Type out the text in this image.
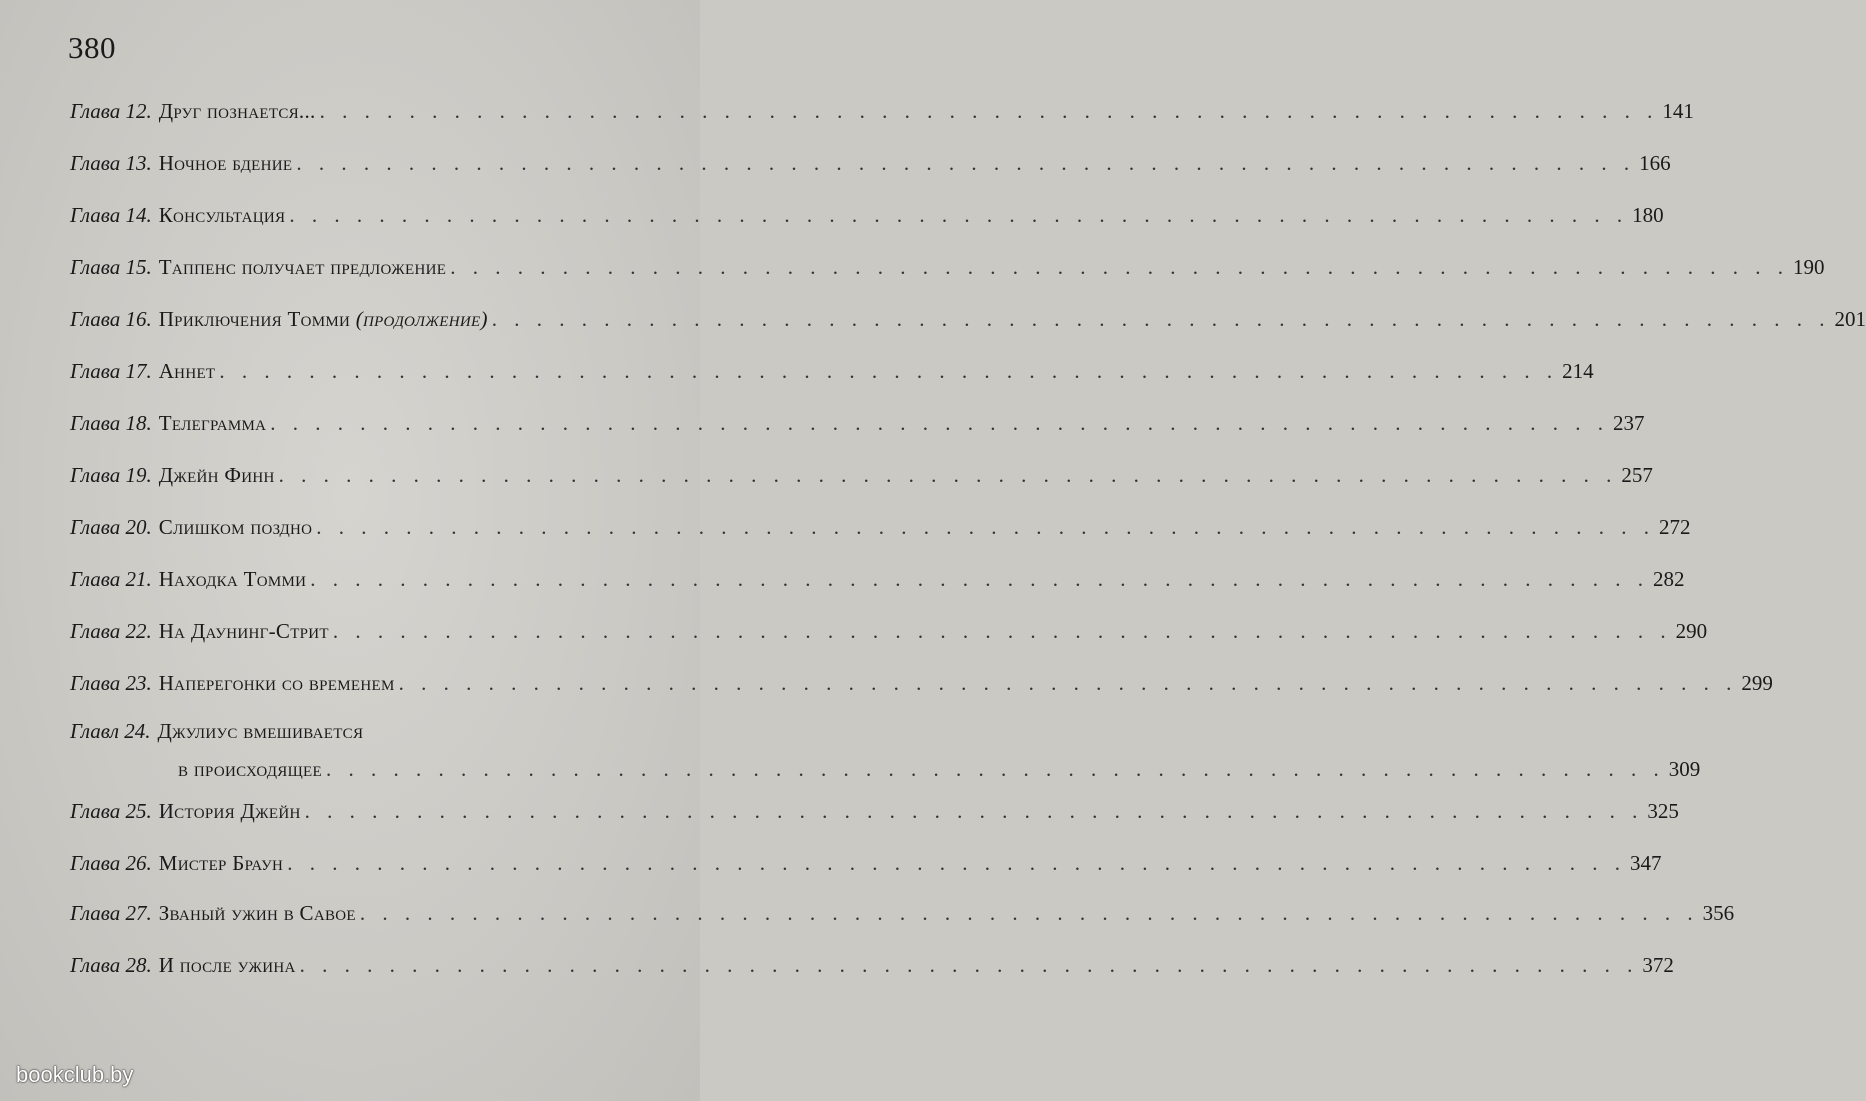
380
Глава 12. Друг познается... . . . . . . . . . . . . . . . . . . . . . . . . . . . . . . . . . . . . . . . . . . . . . . . . . . . . . . . . . . . . 141
Глава 13. Ночное бдение . . . . . . . . . . . . . . . . . . . . . . . . . . . . . . . . . . . . . . . . . . . . . . . . . . . . . . . . . . . . 166
Глава 14. Консультация . . . . . . . . . . . . . . . . . . . . . . . . . . . . . . . . . . . . . . . . . . . . . . . . . . . . . . . . . . . . 180
Глава 15. Таппенс получает предложение . . . . . . . . . . . . . . . . . . . . . . . . . . . . . . . . . . . . . . . . . . . . . . . . . . . . . . . . . . . . 190
Глава 16. Приключения Томми (продолжение) . . . . . . . . . . . . . . . . . . . . . . . . . . . . . . . . . . . . . . . . . . . . . . . . . . . . . . . . . . . . 201
Глава 17. Аннет . . . . . . . . . . . . . . . . . . . . . . . . . . . . . . . . . . . . . . . . . . . . . . . . . . . . . . . . . . . . 214
Глава 18. Телеграмма . . . . . . . . . . . . . . . . . . . . . . . . . . . . . . . . . . . . . . . . . . . . . . . . . . . . . . . . . . . . 237
Глава 19. Джейн Финн . . . . . . . . . . . . . . . . . . . . . . . . . . . . . . . . . . . . . . . . . . . . . . . . . . . . . . . . . . . . 257
Глава 20. Слишком поздно . . . . . . . . . . . . . . . . . . . . . . . . . . . . . . . . . . . . . . . . . . . . . . . . . . . . . . . . . . . . 272
Глава 21. Находка Томми . . . . . . . . . . . . . . . . . . . . . . . . . . . . . . . . . . . . . . . . . . . . . . . . . . . . . . . . . . . . 282
Глава 22. На Даунинг-Стрит . . . . . . . . . . . . . . . . . . . . . . . . . . . . . . . . . . . . . . . . . . . . . . . . . . . . . . . . . . . . 290
Глава 23. Наперегонки со временем . . . . . . . . . . . . . . . . . . . . . . . . . . . . . . . . . . . . . . . . . . . . . . . . . . . . . . . . . . . . 299
Главл 24. Джулиус вмешивается
в происходящее . . . . . . . . . . . . . . . . . . . . . . . . . . . . . . . . . . . . . . . . . . . . . . . . . . . . . . . . . . . . 309
Глава 25. История Джейн . . . . . . . . . . . . . . . . . . . . . . . . . . . . . . . . . . . . . . . . . . . . . . . . . . . . . . . . . . . . 325
Глава 26. Мистер Браун . . . . . . . . . . . . . . . . . . . . . . . . . . . . . . . . . . . . . . . . . . . . . . . . . . . . . . . . . . . . 347
Глава 27. Званый ужин в Савое . . . . . . . . . . . . . . . . . . . . . . . . . . . . . . . . . . . . . . . . . . . . . . . . . . . . . . . . . . . . 356
Глава 28. И после ужина . . . . . . . . . . . . . . . . . . . . . . . . . . . . . . . . . . . . . . . . . . . . . . . . . . . . . . . . . . . . 372
bookclub.by
